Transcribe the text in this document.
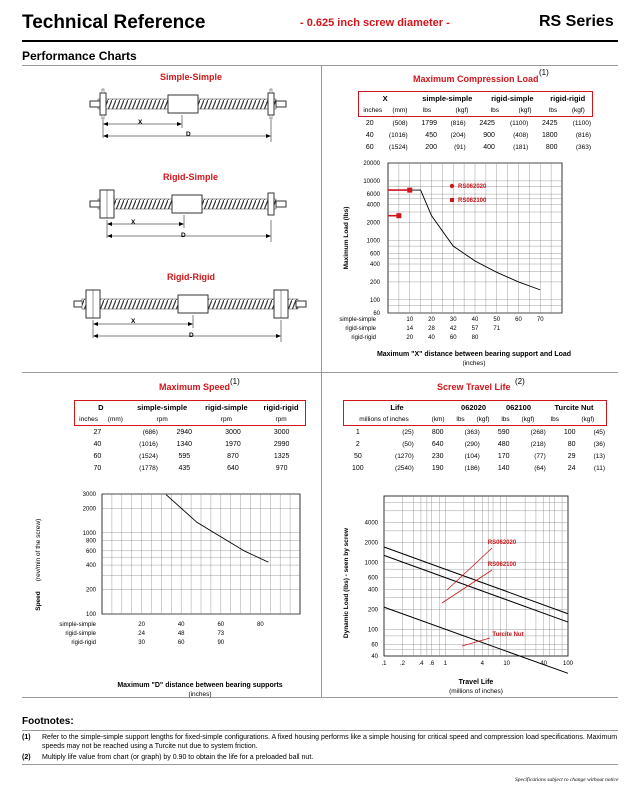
Technical Reference	- 0.625 inch screw diameter -	RS Series
Performance Charts
Simple-Simple
Rigid-Simple
Rigid-Rigid
X
D
X
D
X
D
Maximum Compression Load
(1)
X		simple-simple		rigid-simple		rigid-rigid	
inches	(mm)	lbs	(kgf)	lbs	(kgf)	lbs	(kgf)
20	(508)	1799	(816)	2425	(1100)	2425	(1100)
40	(1016)	450	(204)	900	(408)	1800	(816)
60	(1524)	200	(91)	400	(181)	800	(363)
20000
10000
6000
4000
2000
1000
600
400
200
100
60
simple-simple	10	20	30	40	50	60	70
rigid-simple	14	28	42	57	71
rigid-rigid	20	40	60	80
RS062020
RS062100
Maximum Load (lbs)
Maximum "X" distance between bearing support and Load
(inches)
Maximum Speed
(1)
D		simple-simple	rigid-simple	rigid-rigid
inches	(mm)	rpm	rpm	rpm
27	(686)	2940	3000	3000
40	(1016)	1340	1970	2990
60	(1524)	595	870	1325
70	(1778)	435	640	970
Screw Travel Life
(2)
Life		062020		062100		Turcite Nut	
millions of inches	(km)	lbs	(kgf)	lbs	(kgf)	lbs	(kgf)
1	(25)	800	(363)	590	(268)	100	(45)
2	(50)	640	(290)	480	(218)	80	(36)
50	(1270)	230	(104)	170	(77)	29	(13)
100	(2540)	190	(186)	140	(64)	24	(11)
3000
2000
1000
800
600
400
200
100
simple-simple	20	40	60	80
rigid-simple	24	48	73
rigid-rigid	30	60	90
Speed
(rev/min of the screw)
Maximum "D" distance between bearing supports
(inches)
4000
2000
1000
600
400
200
100
60
40
.1 .2 .4 .6 1	4	10	40	100
RS062020
RS062100
Turcite Nut
Dynamic Load (lbs) - seen by screw
Travel Life
(millions of inches)
Footnotes:
(1) Refer to the simple-simple support lengths for fixed-simple configurations. A fixed housing performs like a simple housing for critical speed and compression load specifications. Maximum speeds may not be reached using a Turcite nut due to system friction.
(2) Multiply life value from chart (or graph) by 0.90 to obtain the life for a preloaded ball nut.
Specifications subject to change without notice
